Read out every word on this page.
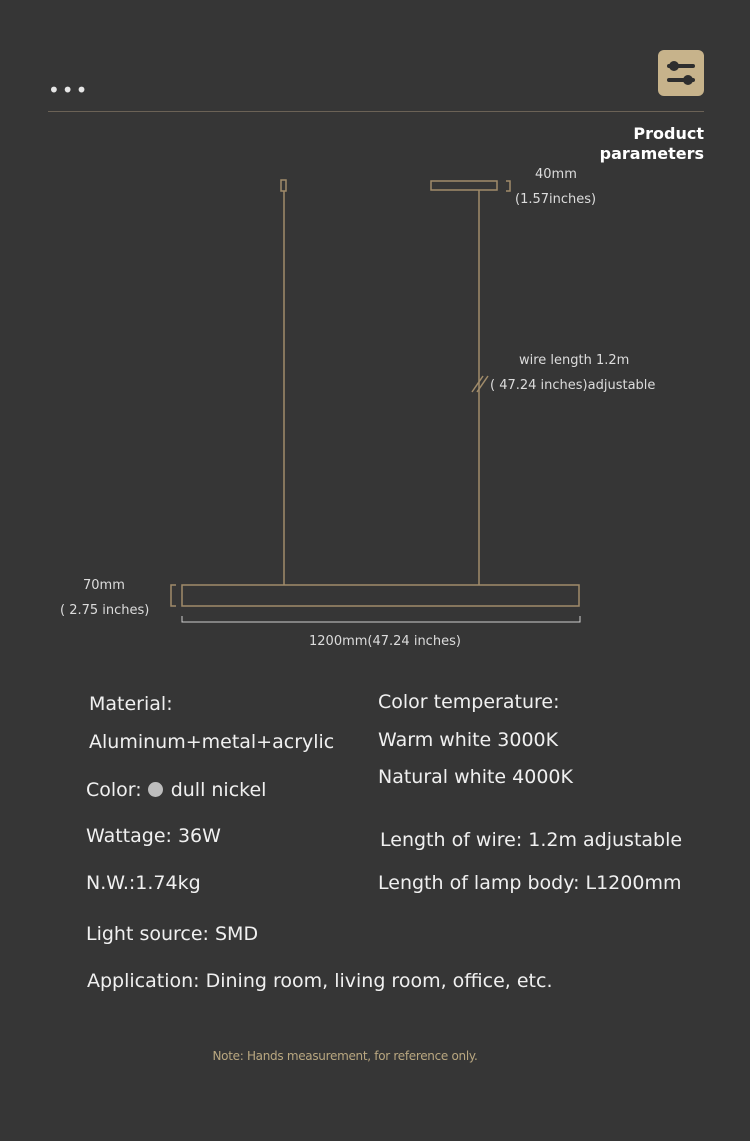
•••
Product
parameters
40mm
(1.57inches)
wire length 1.2m
( 47.24 inches)adjustable
70mm
( 2.75 inches)
1200mm(47.24 inches)
Material:
Aluminum+metal+acrylic
Color temperature:
Warm white 3000K
Natural white 4000K
Color: dull nickel
Wattage: 36W	Length of wire: 1.2m adjustable
N.W.:1.74kg	Length of lamp body: L1200mm
Light source: SMD
Application: Dining room, living room, office, etc.
Note: Hands measurement, for reference only.
